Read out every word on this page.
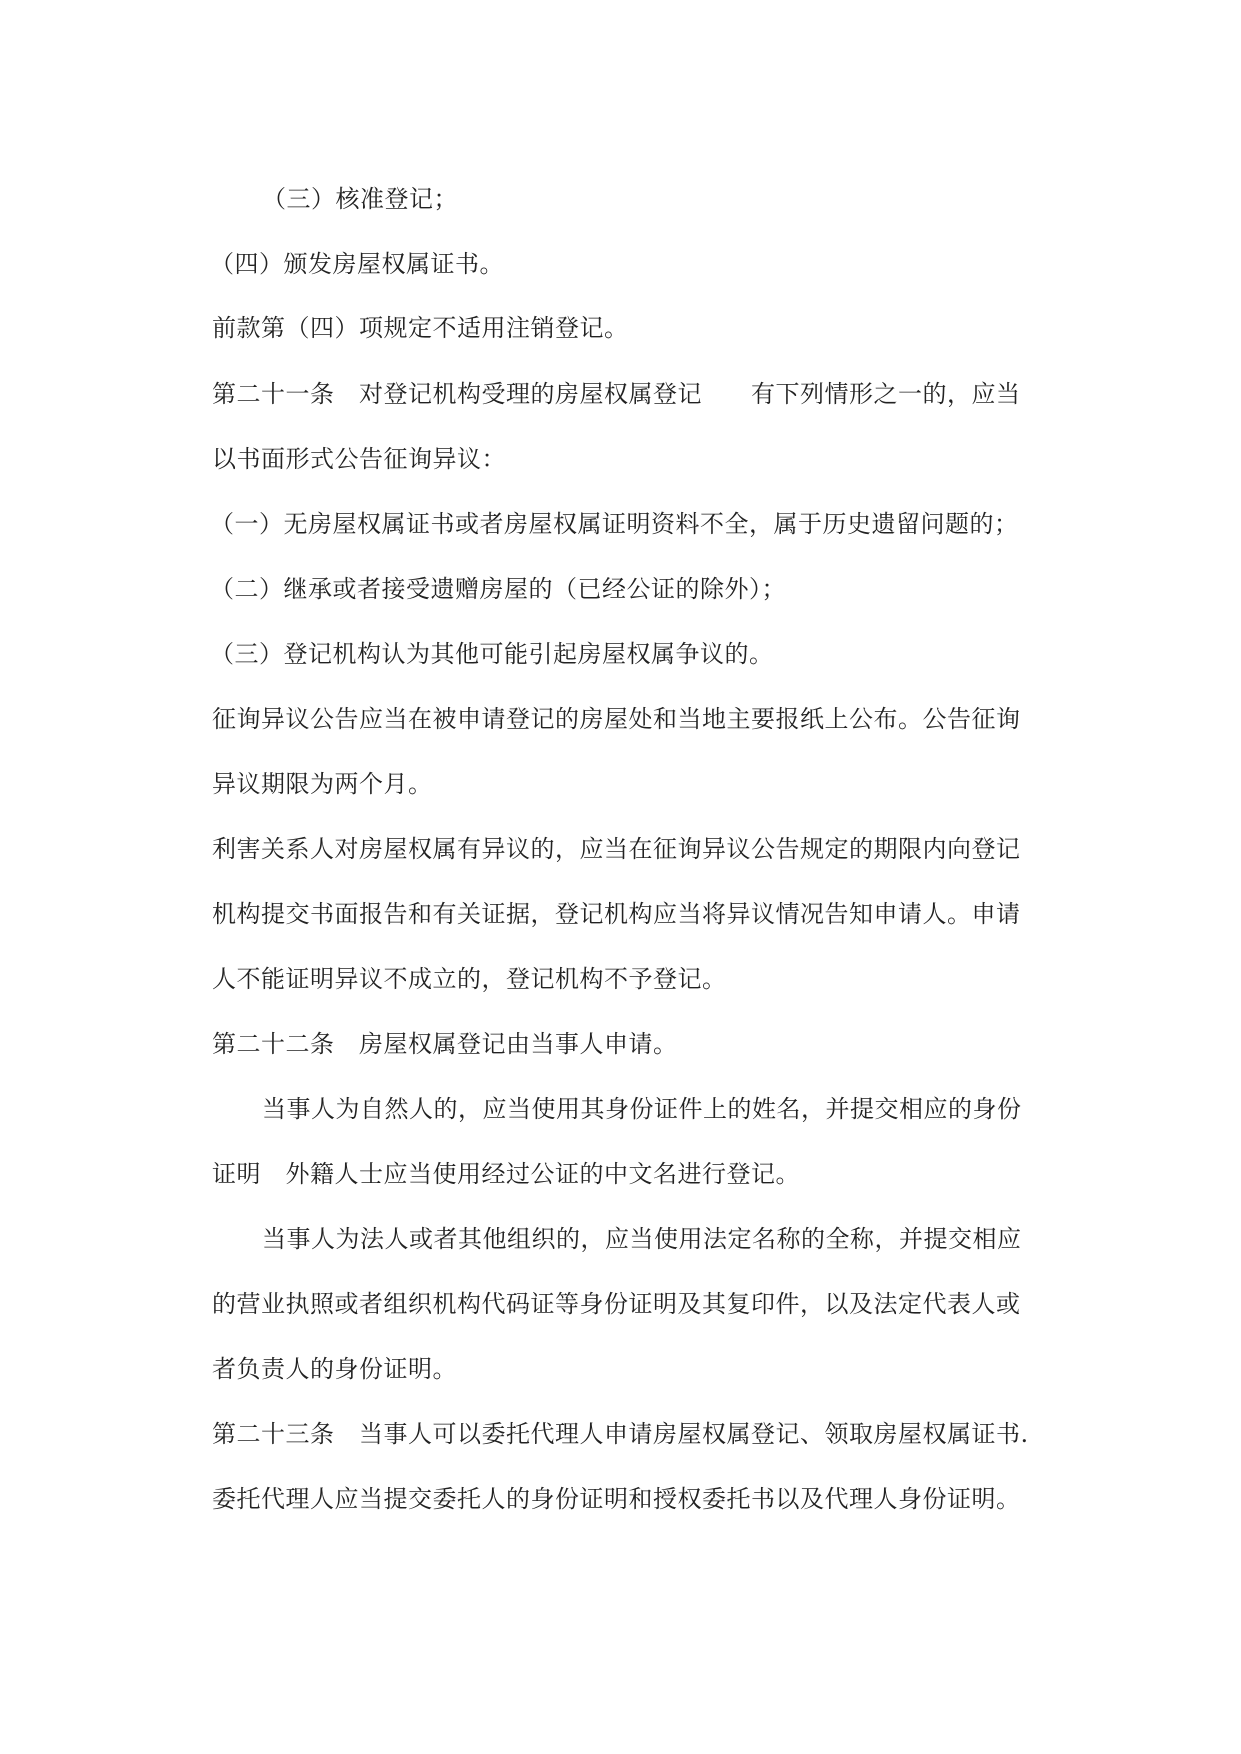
（三）核准登记；
（四）颁发房屋权属证书。
前款第（四）项规定不适用注销登记。
第二十一条　对登记机构受理的房屋权属登记　　有下列情形之一的，应当
以书面形式公告征询异议：
（一）无房屋权属证书或者房屋权属证明资料不全，属于历史遗留问题的；
（二）继承或者接受遗赠房屋的（已经公证的除外）；
（三）登记机构认为其他可能引起房屋权属争议的。
征询异议公告应当在被申请登记的房屋处和当地主要报纸上公布。公告征询
异议期限为两个月。
利害关系人对房屋权属有异议的，应当在征询异议公告规定的期限内向登记
机构提交书面报告和有关证据，登记机构应当将异议情况告知申请人。申请
人不能证明异议不成立的，登记机构不予登记。
第二十二条　房屋权属登记由当事人申请。
当事人为自然人的，应当使用其身份证件上的姓名，并提交相应的身份
证明　外籍人士应当使用经过公证的中文名进行登记。
当事人为法人或者其他组织的，应当使用法定名称的全称，并提交相应
的营业执照或者组织机构代码证等身份证明及其复印件，以及法定代表人或
者负责人的身份证明。
第二十三条　当事人可以委托代理人申请房屋权属登记、领取房屋权属证书.
委托代理人应当提交委托人的身份证明和授权委托书以及代理人身份证明。
